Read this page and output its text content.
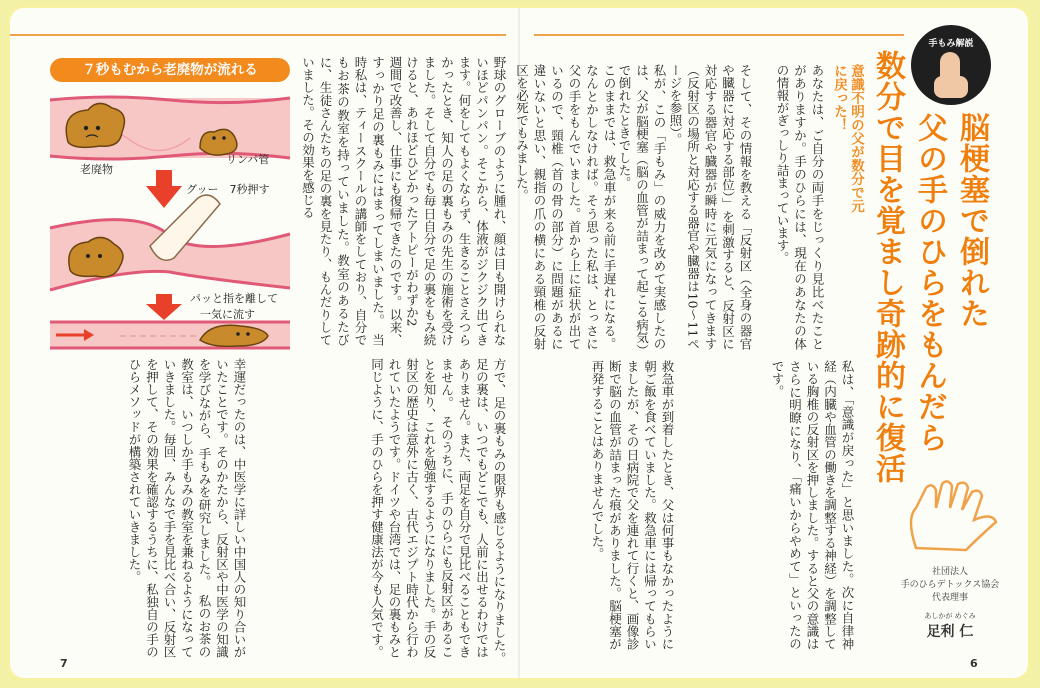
７秒もむから老廃物が流れる
老廃物
リンパ管
グッー　7秒押す
パッと指を離して
一気に流す	野球のグローブのように腫れ、顔は目も開けられないほどパンパン。そこから、体液がジクジク出てきます。何をしてもよくならず、生きることさえつらかったとき、知人の足の裏もみの先生の施術を受けました。そして自分でも毎日自分で足の裏をもみ続けると、あれほどひどかったアトピーがわずか2
週間で改善し、仕事にも復帰できたのです。以来、すっかり足の裏もみにはまってしまいました。　当時私は、ティースクールの講師をしており、自分でもお茶の教室を持っていました。教室のあるたびに、生徒さんたちの足の裏を見たり、もんだりしていました。その効果を感じる
方で、足の裏もみの限界も感じるようになりました。　足の裏は、いつでもどこでも、人前に出せるわけではありません。また、両足を自分で見比べることもできません。　そのうちに、手のひらにも反射区があることを知り、これを勉強するようになりました。手の反射区の歴史は意外に古く、古代エジプト時代から行われていたようです。ドイツや台湾では、足の裏もみと同じように、手のひらを押す健康法が今も人気です。
幸運だったのは、中医学に詳しい中国人の知り合いがいたことです。そのかたから、反射区や中医学の知識を学びながら、手もみを研究しました。　私のお茶の教室は、いつしか手もみの教室を兼ねるようになっていきました。毎回、みんなで手を見比べ合い、反射区を押して、その効果を確認するうちに、私独自の手のひらメソッドが構築されていきました。
7
手もみ解説
脳梗塞で倒れた
父の手のひらをもんだら
数分で目を覚まし奇跡的に復活
社団法人
手のひらデトックス協会
代表理事
あしかが めぐみ
足利 仁
意識不明の父が数分で元に戻った！
あなたは、ご自分の両手をじっくり見比べたことがありますか。手のひらには、現在のあなたの体の情報がぎっしり詰まっています。
そして、その情報を教える「反射区（全身の器官や臓器に対応する部位）」を刺激すると、反射区に対応する器官や臓器が瞬時に元気になってきます（反射区の場所と対応する器官や臓器は10〜11ページを参照）。
私が、この「手もみ」の威力を改めて実感したのは、父が脳梗塞（脳の血管が詰まって起こる病気）で倒れたときでした。
このままでは、救急車が来る前に手遅れになる。なんとかしなければ。そう思った私は、とっさに父の手をもんでいました。首から上に症状が出ているので、頸椎（首の骨の部分）に問題があるに違いないと思い、親指の爪の横にある頸椎の反射区を必死でもみました。
私は、「意識が戻った」と思いました。次に自律神経（内臓や血管の働きを調整する神経）を調整している胸椎の反射区を押しました。すると父の意識はさらに明瞭になり、「痛いからやめて」といったのです。
救急車が到着したとき、父は何事もなかったように朝ご飯を食べていました。救急車には帰ってもらいましたが、その日病院で父を連れて行くと、画像診断で脳の血管が詰まった痕がありました。脳梗塞が再発することはありませんでした。
6
